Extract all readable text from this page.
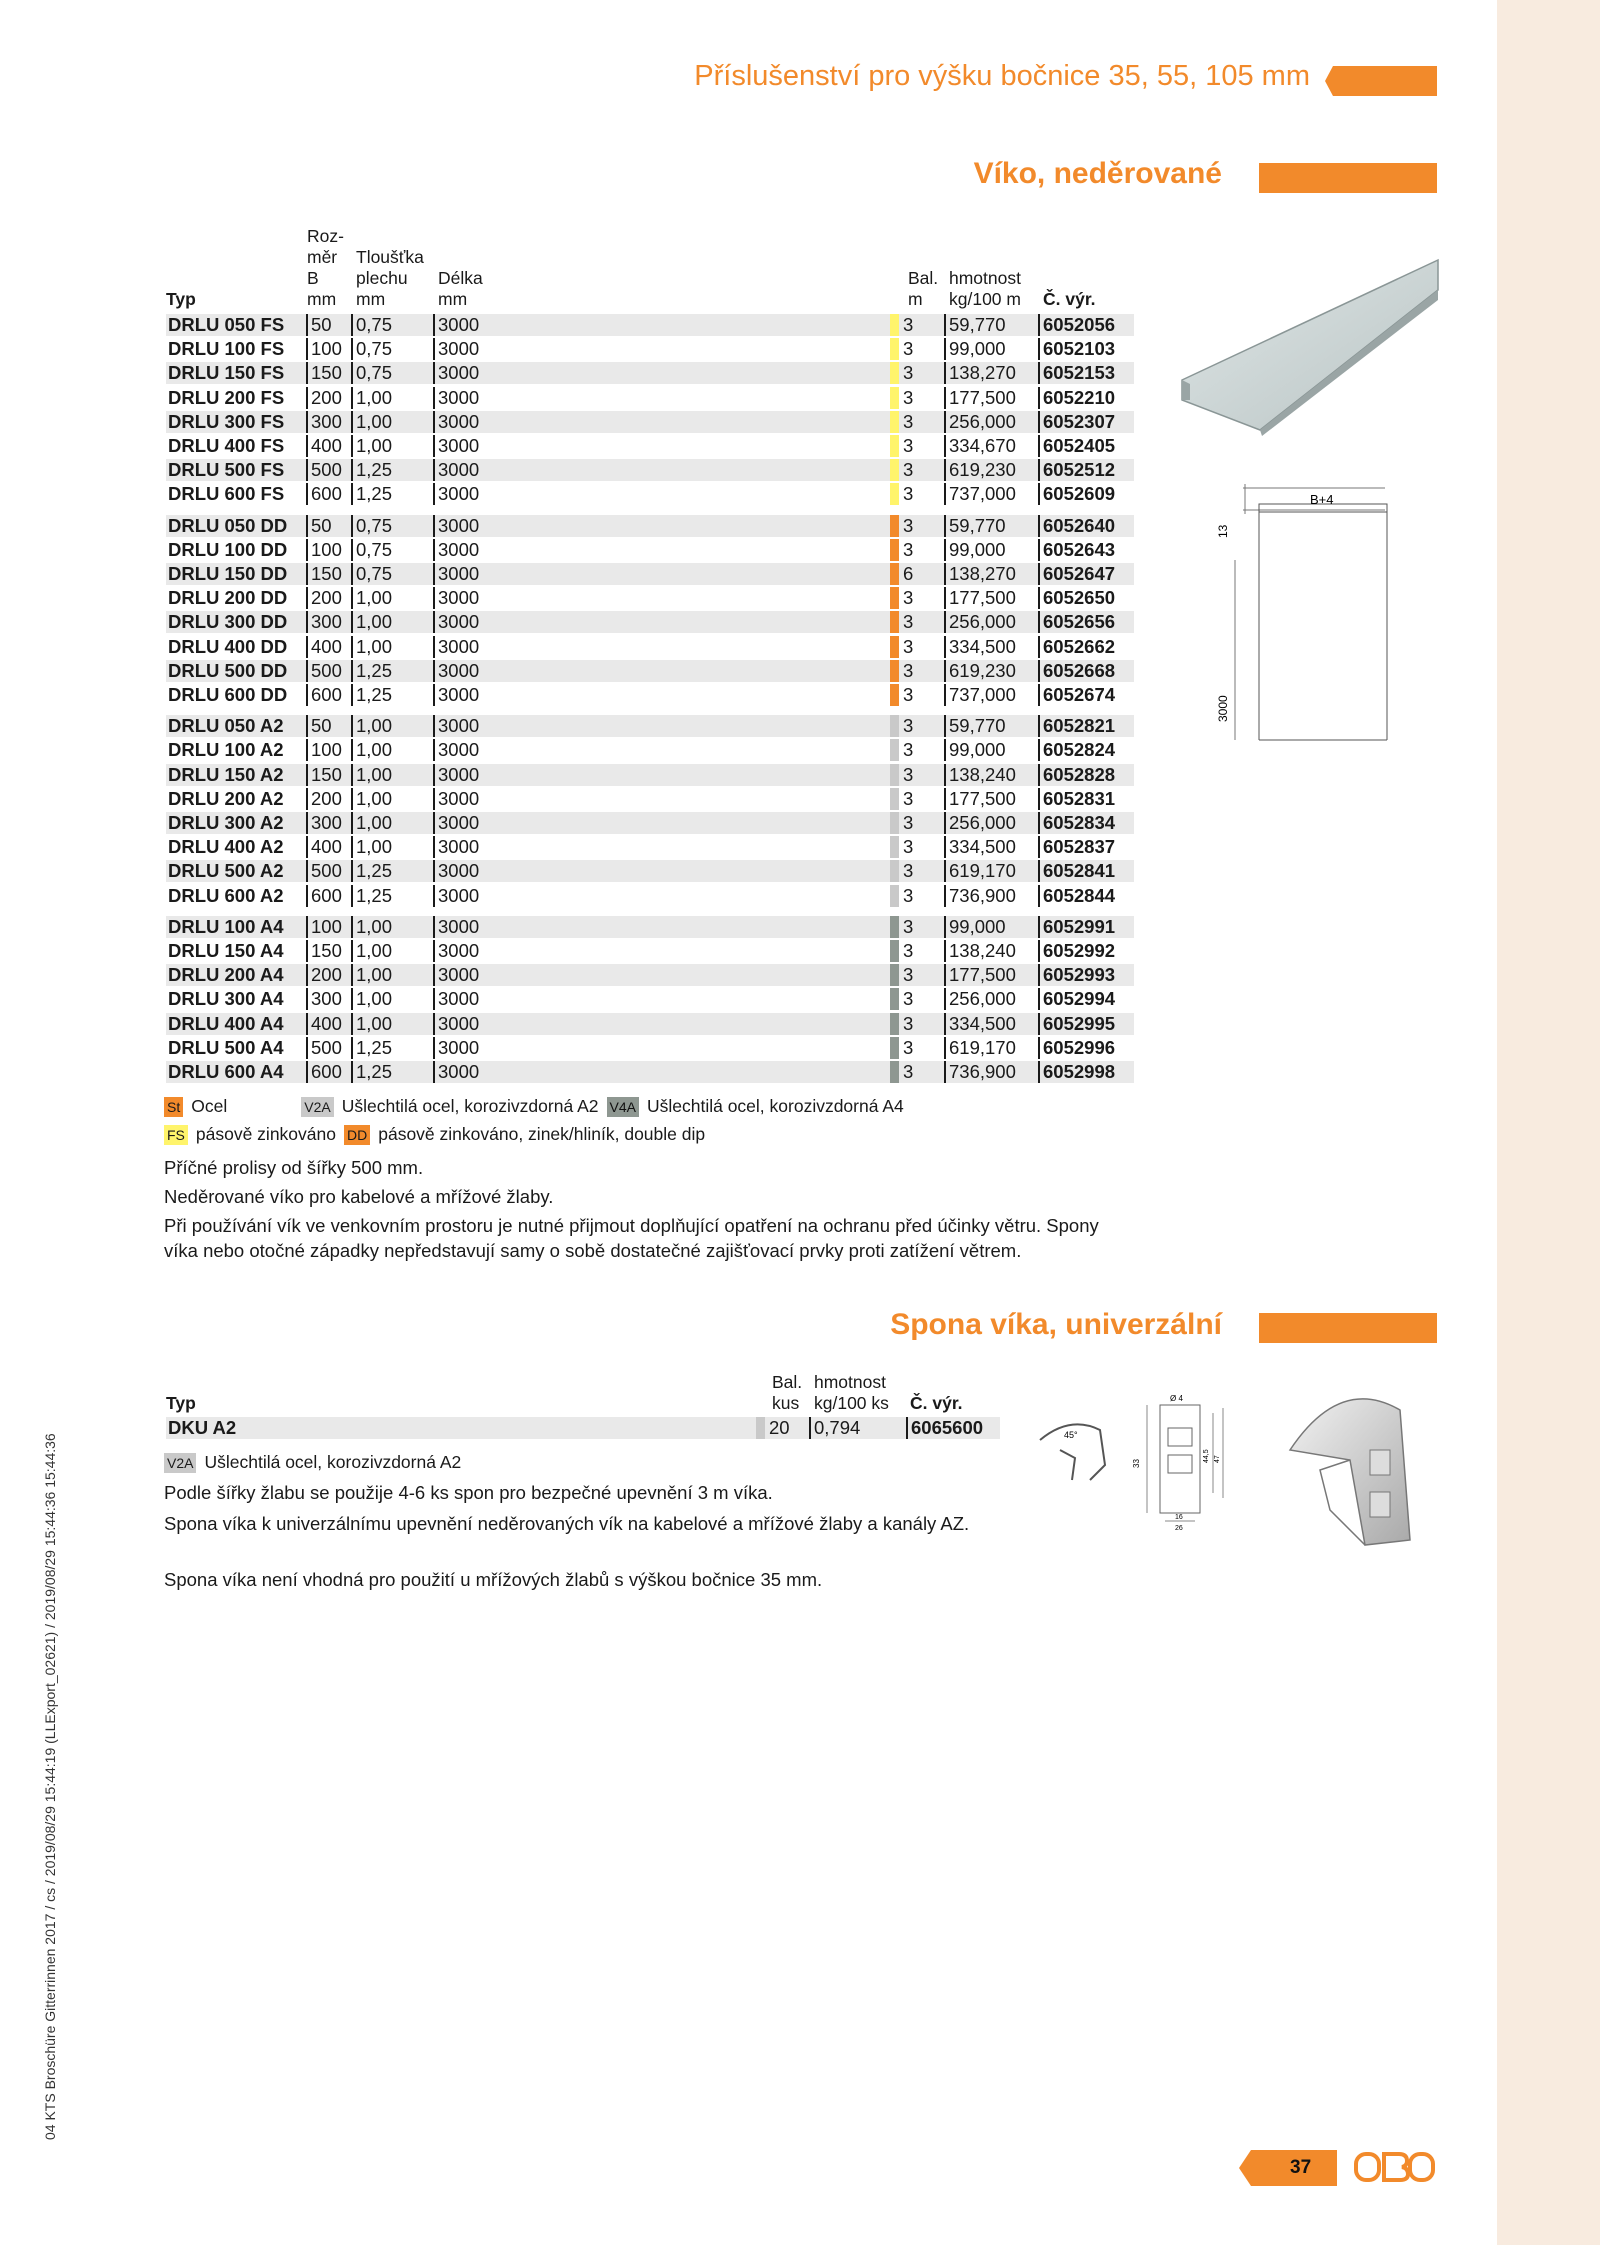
Příslušenství pro výšku bočnice 35, 55, 105 mm
Víko, neděrované
Typ
Roz-
měr
B
mm
Tloušťka
plechu
mm
Délka
mm
Bal.
m
hmotnost
kg/100 m Č. výr.
DRLU 050 FS 50 0,75 3000	3 59,770 6052056
DRLU 100 FS 100 0,75 3000	3 99,000 6052103
DRLU 150 FS 150 0,75 3000	3 138,270 6052153
DRLU 200 FS 200 1,00 3000	3 177,500 6052210
DRLU 300 FS 300 1,00 3000	3 256,000 6052307
DRLU 400 FS 400 1,00 3000	3 334,670 6052405
DRLU 500 FS 500 1,25 3000	3 619,230 6052512
DRLU 600 FS 600 1,25 3000	3 737,000 6052609
DRLU 050 DD 50 0,75 3000	3 59,770 6052640
DRLU 100 DD 100 0,75 3000	3 99,000 6052643
DRLU 150 DD 150 0,75 3000	6 138,270 6052647
DRLU 200 DD 200 1,00 3000	3 177,500 6052650
DRLU 300 DD 300 1,00 3000	3 256,000 6052656
DRLU 400 DD 400 1,00 3000	3 334,500 6052662
DRLU 500 DD 500 1,25 3000	3 619,230 6052668
DRLU 600 DD 600 1,25 3000	3 737,000 6052674
DRLU 050 A2 50 1,00 3000	3 59,770 6052821
DRLU 100 A2 100 1,00 3000	3 99,000 6052824
DRLU 150 A2 150 1,00 3000	3 138,240 6052828
DRLU 200 A2 200 1,00 3000	3 177,500 6052831
DRLU 300 A2 300 1,00 3000	3 256,000 6052834
DRLU 400 A2 400 1,00 3000	3 334,500 6052837
DRLU 500 A2 500 1,25 3000	3 619,170 6052841
DRLU 600 A2 600 1,25 3000	3 736,900 6052844
DRLU 100 A4 100 1,00 3000	3 99,000 6052991
DRLU 150 A4 150 1,00 3000	3 138,240 6052992
DRLU 200 A4 200 1,00 3000	3 177,500 6052993
DRLU 300 A4 300 1,00 3000	3 256,000 6052994
DRLU 400 A4 400 1,00 3000	3 334,500 6052995
DRLU 500 A4 500 1,25 3000	3 619,170 6052996
DRLU 600 A4 600 1,25 3000	3 736,900 6052998
B+4
13
3000
St Ocel	V2A Ušlechtilá ocel, korozivzdorná A2 V4A Ušlechtilá ocel, korozivzdorná A4
FS pásově zinkováno DD pásově zinkováno, zinek/hliník, double dip
Příčné prolisy od šířky 500 mm.
Neděrované víko pro kabelové a mřížové žlaby.
Při používání vík ve venkovním prostoru je nutné přijmout doplňující opatření na ochranu před účinky větru. Spony víka nebo otočné západky nepředstavují samy o sobě dostatečné zajišťovací prvky proti zatížení větrem.
Spona víka, univerzální
Typ
Bal.
kus
hmotnost
kg/100 ks Č. výr.
DKU A2	20 0,794	6065600
V2A Ušlechtilá ocel, korozivzdorná A2
Podle šířky žlabu se použije 4-6 ks spon pro bezpečné upevnění 3 m víka.
Spona víka k univerzálnímu upevnění neděrovaných vík na kabelové a mřížové žlaby a kanály AZ.
Spona víka není vhodná pro použití u mřížových žlabů s výškou bočnice 35 mm.
45°
Ø 4
33
44,5 47
16
26
04 KTS Broschüre Gitterrinnen 2017 / cs / 2019/08/29 15:44:19 (LLExport_02621) / 2019/08/29 15:44:36 15:44:36
37
